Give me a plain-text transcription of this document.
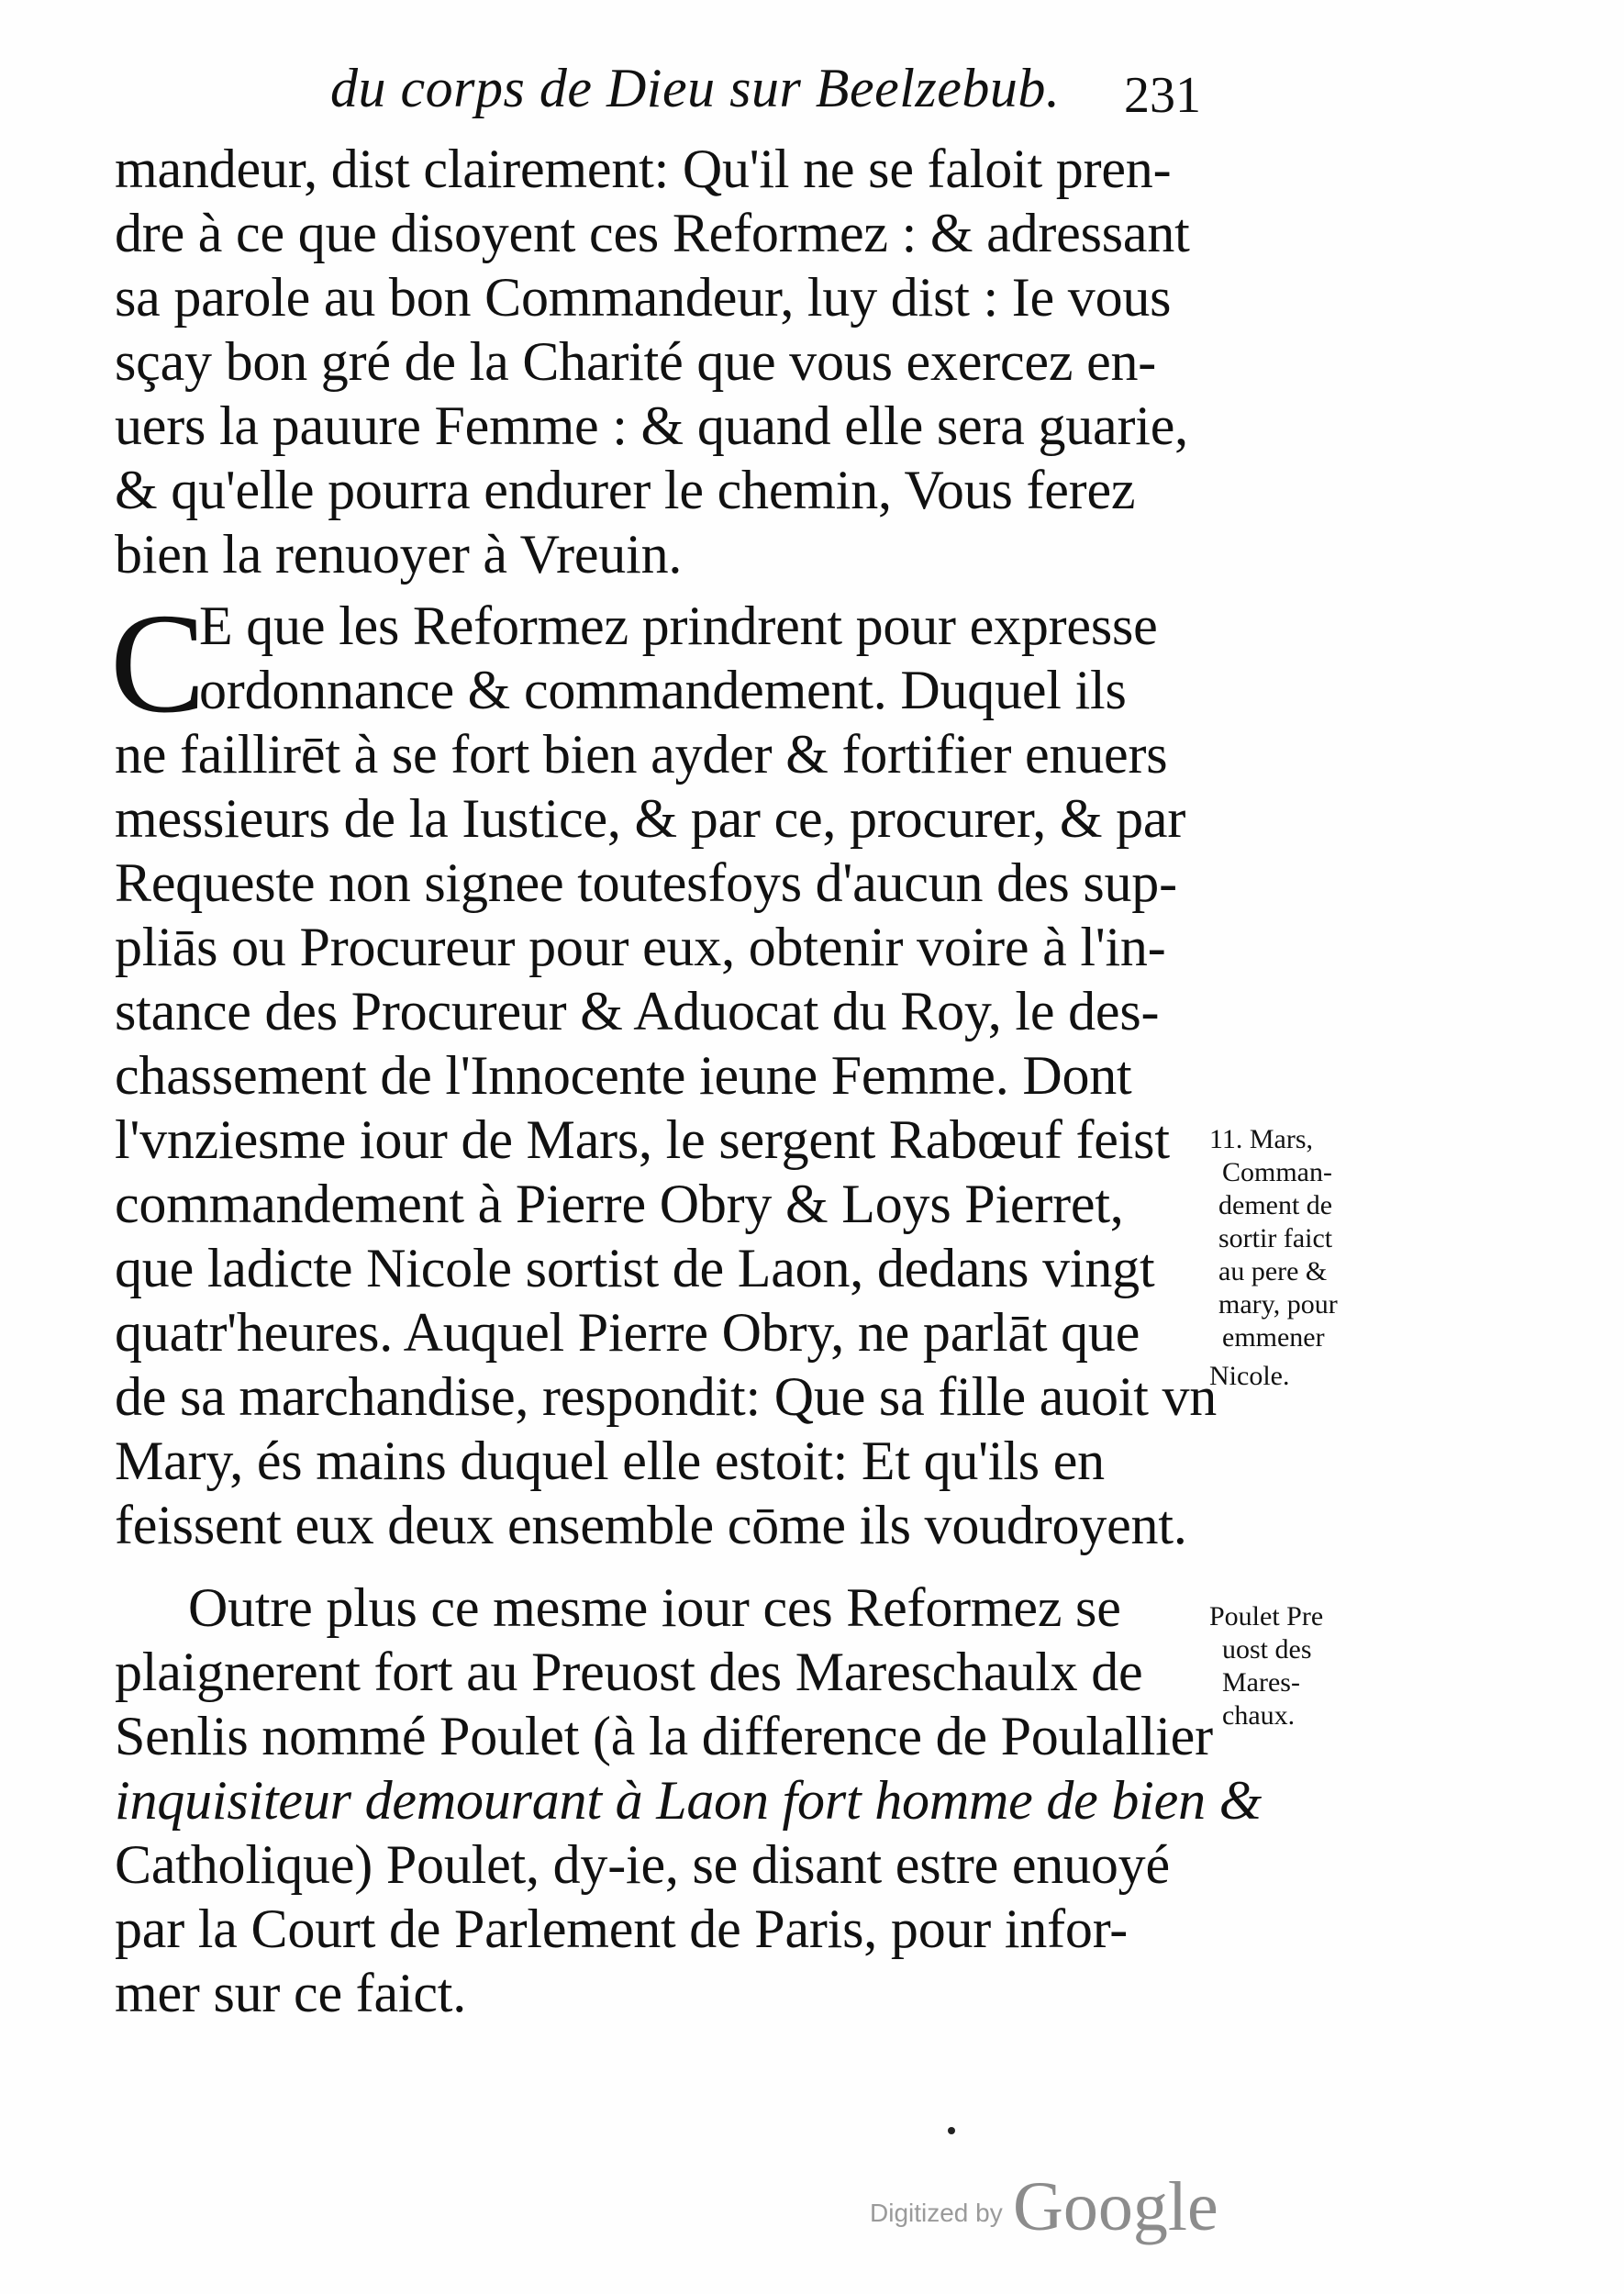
du corps de Dieu sur Beelzebub. 231
mandeur, dist clairement: Qu'il ne se faloit pren-
dre à ce que disoyent ces Reformez : & adressant
sa parole au bon Commandeur, luy dist : Ie vous
sçay bon gré de la Charité que vous exercez en-
uers la pauure Femme : & quand elle sera guarie,
& qu'elle pourra endurer le chemin, Vous ferez
bien la renuoyer à Vreuin.
C
E que les Reformez prindrent pour expresse
ordonnance & commandement. Duquel ils
ne faillirēt à se fort bien ayder & fortifier enuers
messieurs de la Iustice, & par ce, procurer, & par
Requeste non signee toutesfoys d'aucun des sup-
pliās ou Procureur pour eux, obtenir voire à l'in-
stance des Procureur & Aduocat du Roy, le des-
chassement de l'Innocente ieune Femme. Dont
l'vnziesme iour de Mars, le sergent Rabœuf feist
commandement à Pierre Obry & Loys Pierret,
que ladicte Nicole sortist de Laon, dedans vingt
quatr'heures. Auquel Pierre Obry, ne parlāt que
de sa marchandise, respondit: Que sa fille auoit vn
Mary, és mains duquel elle estoit: Et qu'ils en
feissent eux deux ensemble cōme ils voudroyent.
Outre plus ce mesme iour ces Reformez se
plaignerent fort au Preuost des Mareschaulx de
Senlis nommé Poulet (à la difference de Poulallier
inquisiteur demourant à Laon fort homme de bien &
Catholique) Poulet, dy-ie, se disant estre enuoyé
par la Court de Parlement de Paris, pour infor-
mer sur ce faict.
11. Mars,
Comman-
dement de
sortir faict
au pere &
mary, pour
emmener
Nicole.
Poulet Pre
uost des
Mares-
chaux.
Digitized by Google
